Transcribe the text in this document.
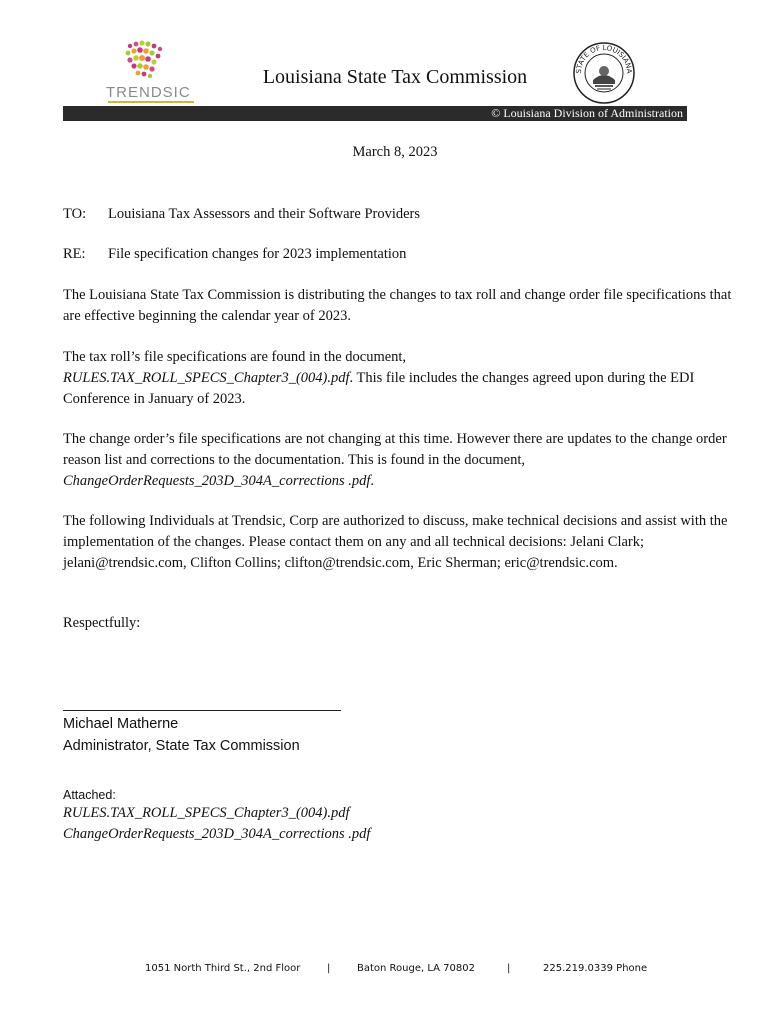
TRENDSIC
Louisiana State Tax Commission	STATE OF LOUISIANA
© Louisiana Division of Administration
March 8, 2023
TO: Louisiana Tax Assessors and their Software Providers
RE: File specification changes for 2023 implementation

The Louisiana State Tax Commission is distributing the changes to tax roll and change order file specifications that are effective beginning the calendar year of 2023.

The tax roll’s file specifications are found in the document,

RULES.TAX_ROLL_SPECS_Chapter3_(004).pdf. This file includes the changes agreed upon during the EDI Conference in January of 2023.

The change order’s file specifications are not changing at this time. However there are updates to the change order reason list and corrections to the documentation. This is found in the document, ChangeOrderRequests_203D_304A_corrections .pdf.

The following Individuals at Trendsic, Corp are authorized to discuss, make technical decisions and assist with the implementation of the changes. Please contact them on any and all technical decisions: Jelani Clark; jelani@trendsic.com, Clifton Collins; clifton@trendsic.com, Eric Sherman; eric@trendsic.com.

Respectfully:
Michael Matherne
Administrator, State Tax Commission
Attached:
RULES.TAX_ROLL_SPECS_Chapter3_(004).pdf
ChangeOrderRequests_203D_304A_corrections .pdf
1051 North Third St., 2nd Floor	|	Baton Rouge, LA 70802	|	225.219.0339 Phone
